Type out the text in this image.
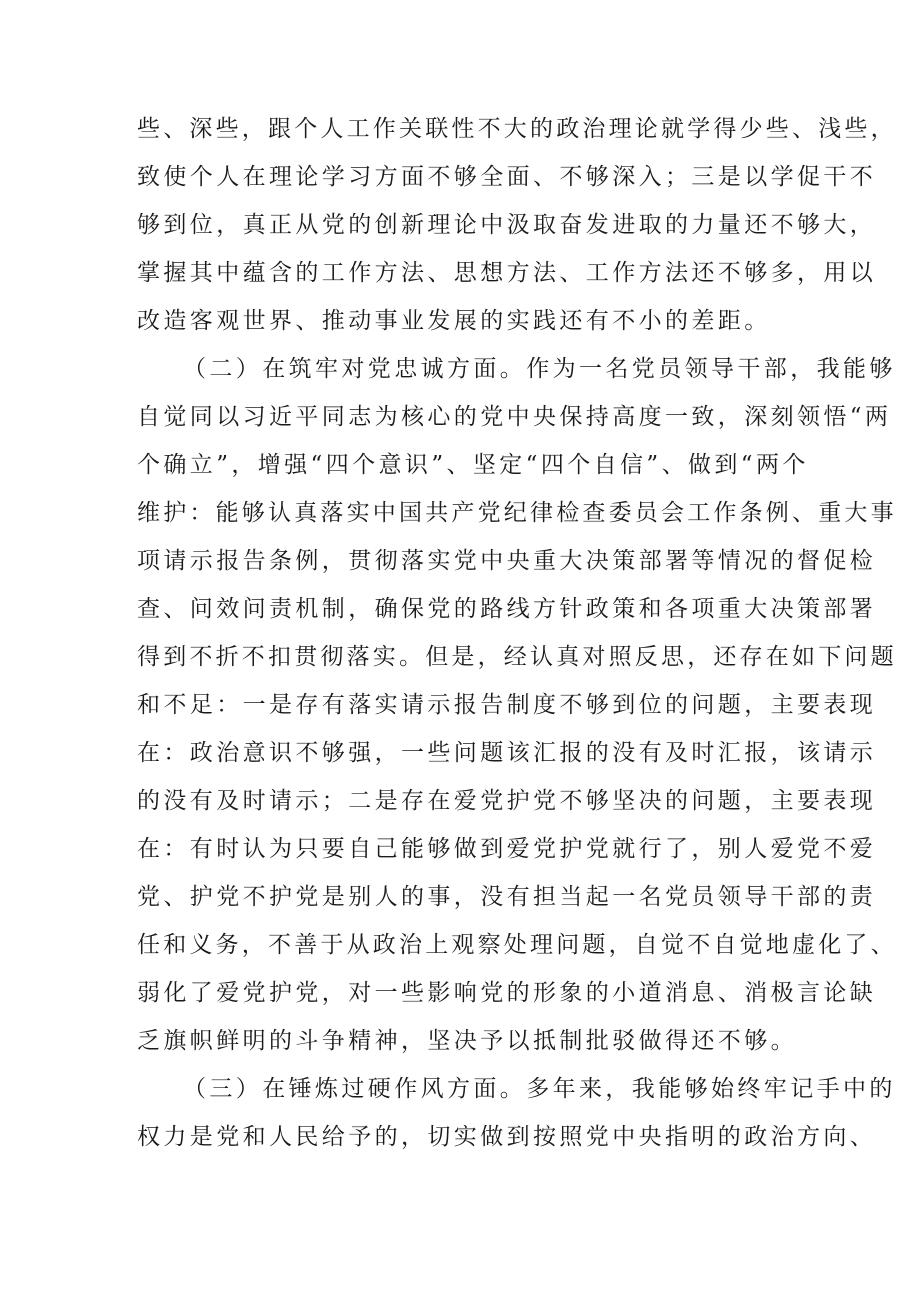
些、深些，跟个人工作关联性不大的政治理论就学得少些、浅些，
致使个人在理论学习方面不够全面、不够深入；三是以学促干不
够到位，真正从党的创新理论中汲取奋发进取的力量还不够大，
掌握其中蕴含的工作方法、思想方法、工作方法还不够多，用以
改造客观世界、推动事业发展的实践还有不小的差距。
（二）在筑牢对党忠诚方面。作为一名党员领导干部，我能够
自觉同以习近平同志为核心的党中央保持高度一致，深刻领悟“两
个确立”，增强“四个意识”、坚定“四个自信”、做到“两个
维护：能够认真落实中国共产党纪律检查委员会工作条例、重大事
项请示报告条例，贯彻落实党中央重大决策部署等情况的督促检
查、问效问责机制，确保党的路线方针政策和各项重大决策部署
得到不折不扣贯彻落实。但是，经认真对照反思，还存在如下问题
和不足：一是存有落实请示报告制度不够到位的问题，主要表现
在：政治意识不够强，一些问题该汇报的没有及时汇报，该请示
的没有及时请示；二是存在爱党护党不够坚决的问题，主要表现
在：有时认为只要自己能够做到爱党护党就行了，别人爱党不爱
党、护党不护党是别人的事，没有担当起一名党员领导干部的责
任和义务，不善于从政治上观察处理问题，自觉不自觉地虚化了、
弱化了爱党护党，对一些影响党的形象的小道消息、消极言论缺
乏旗帜鲜明的斗争精神，坚决予以抵制批驳做得还不够。
（三）在锤炼过硬作风方面。多年来，我能够始终牢记手中的
权力是党和人民给予的，切实做到按照党中央指明的政治方向、
